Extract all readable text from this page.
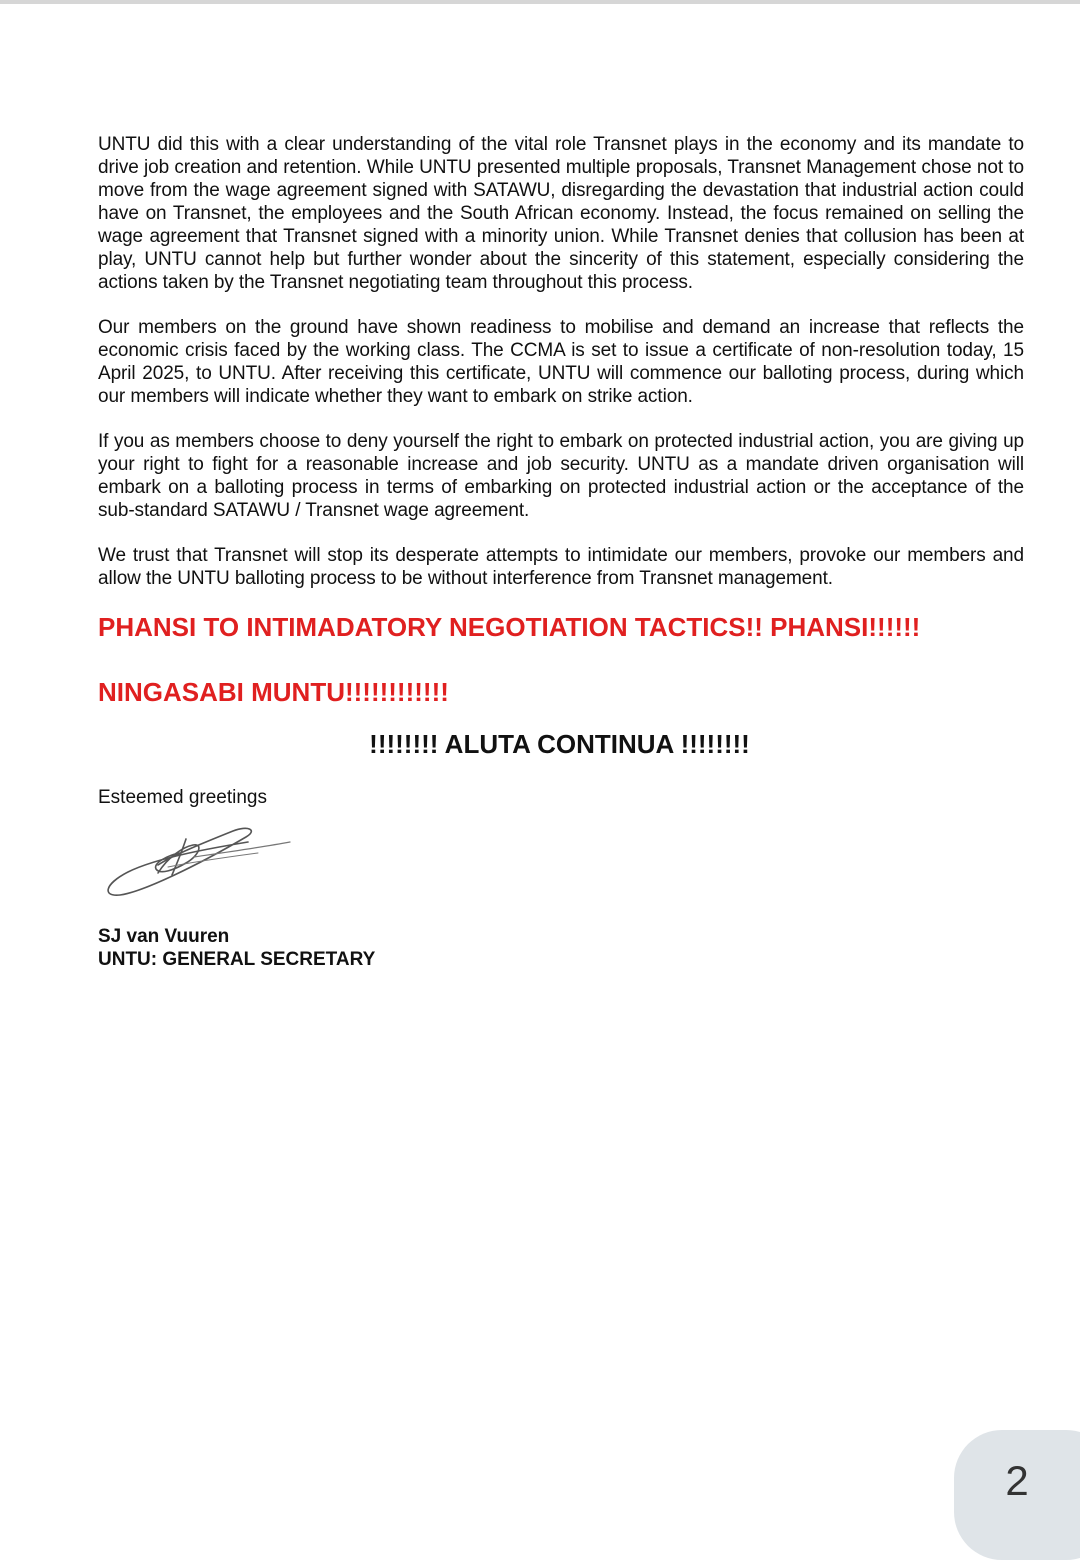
UNTU did this with a clear understanding of the vital role Transnet plays in the economy and its mandate to drive job creation and retention. While UNTU presented multiple proposals, Transnet Management chose not to move from the wage agreement signed with SATAWU, disregarding the devastation that industrial action could have on Transnet, the employees and the South African economy. Instead, the focus remained on selling the wage agreement that Transnet signed with a minority union. While Transnet denies that collusion has been at play, UNTU cannot help but further wonder about the sincerity of this statement, especially considering the actions taken by the Transnet negotiating team throughout this process.

Our members on the ground have shown readiness to mobilise and demand an increase that reflects the economic crisis faced by the working class. The CCMA is set to issue a certificate of non-resolution today, 15 April 2025, to UNTU. After receiving this certificate, UNTU will commence our balloting process, during which our members will indicate whether they want to embark on strike action.

If you as members choose to deny yourself the right to embark on protected industrial action, you are giving up your right to fight for a reasonable increase and job security. UNTU as a mandate driven organisation will embark on a balloting process in terms of embarking on protected industrial action or the acceptance of the sub-standard SATAWU / Transnet wage agreement.

We trust that Transnet will stop its desperate attempts to intimidate our members, provoke our members and allow the UNTU balloting process to be without interference from Transnet management.

PHANSI TO INTIMADATORY NEGOTIATION TACTICS!! PHANSI!!!!!!

NINGASABI MUNTU!!!!!!!!!!!!

!!!!!!!! ALUTA CONTINUA !!!!!!!!

Esteemed greetings

SJ van Vuuren
UNTU: GENERAL SECRETARY
2
